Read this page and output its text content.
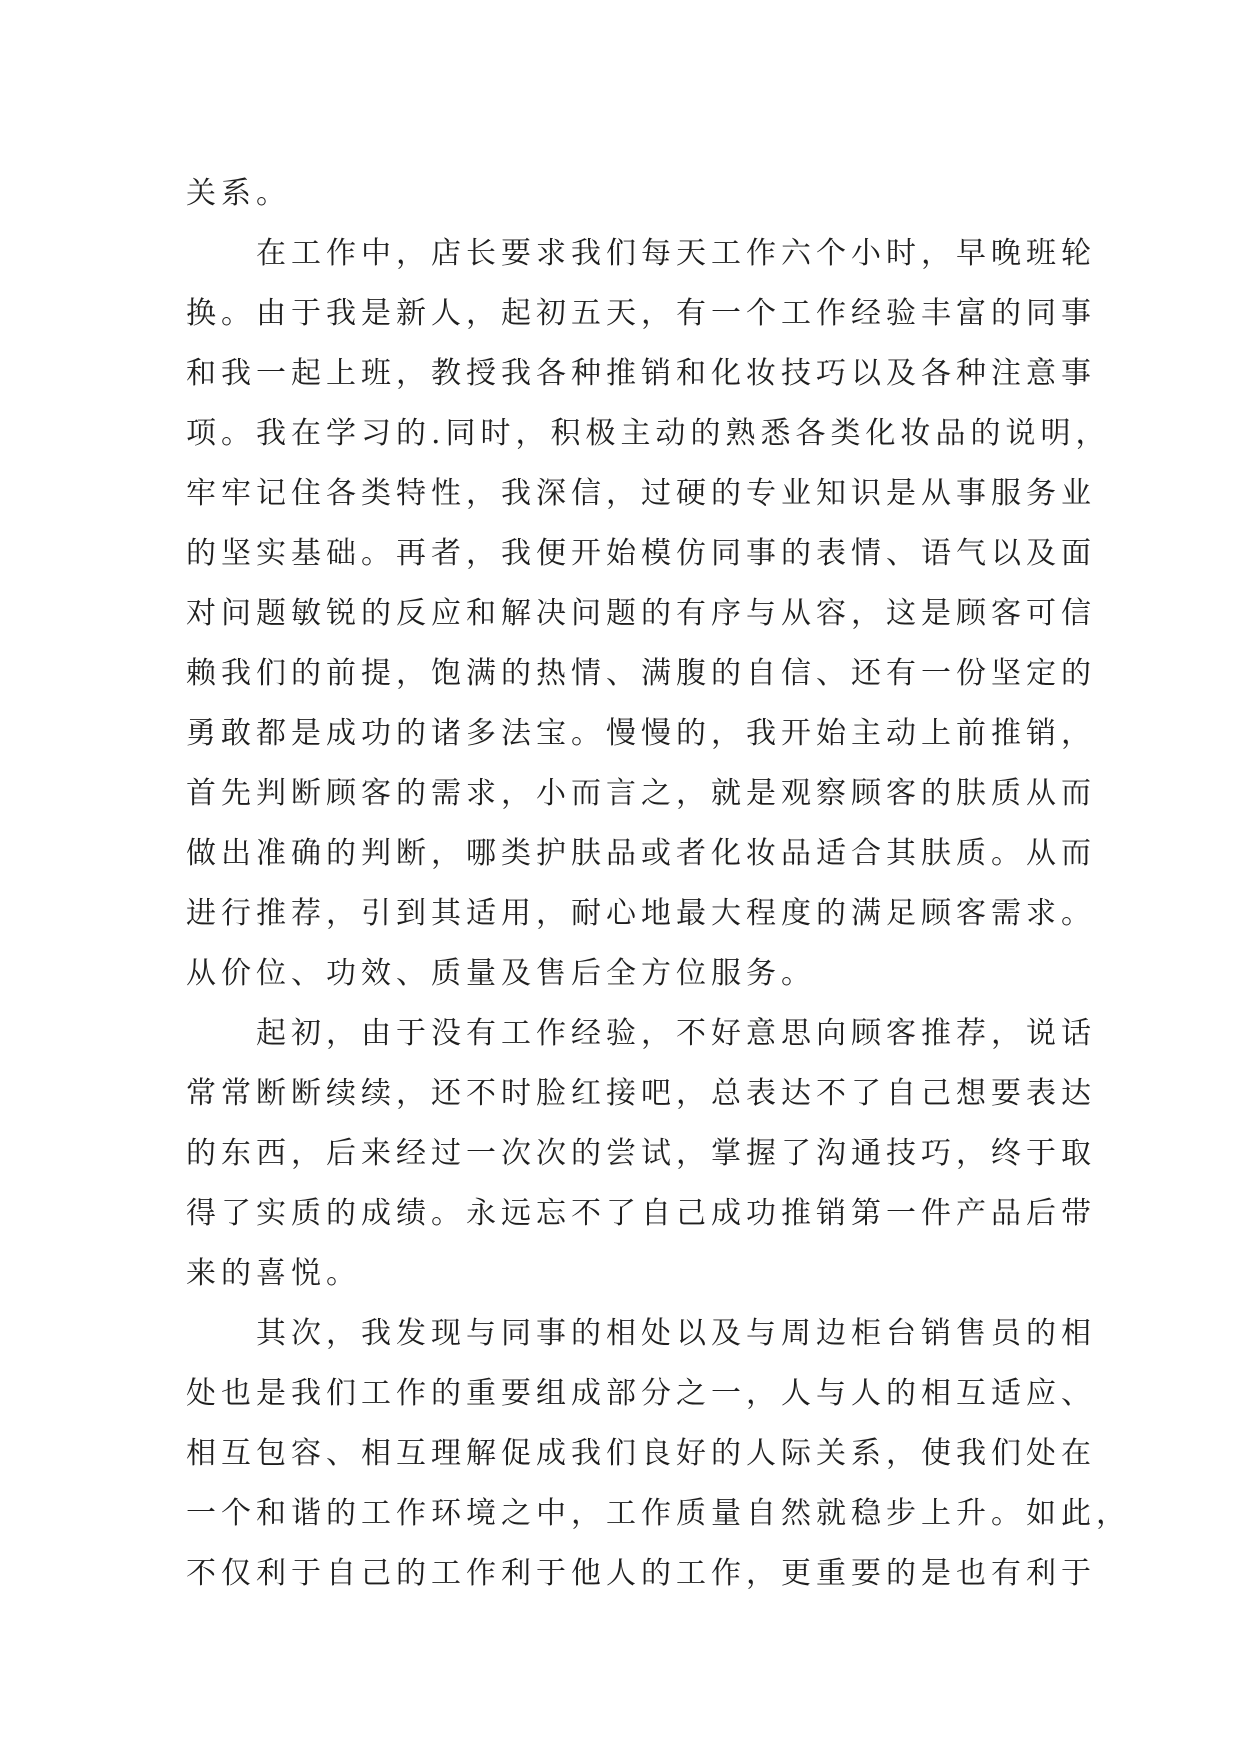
关系。
在工作中，店长要求我们每天工作六个小时，早晚班轮
换。由于我是新人，起初五天，有一个工作经验丰富的同事
和我一起上班，教授我各种推销和化妆技巧以及各种注意事
项。我在学习的.同时，积极主动的熟悉各类化妆品的说明，
牢牢记住各类特性，我深信，过硬的专业知识是从事服务业
的坚实基础。再者，我便开始模仿同事的表情、语气以及面
对问题敏锐的反应和解决问题的有序与从容，这是顾客可信
赖我们的前提，饱满的热情、满腹的自信、还有一份坚定的
勇敢都是成功的诸多法宝。慢慢的，我开始主动上前推销，
首先判断顾客的需求，小而言之，就是观察顾客的肤质从而
做出准确的判断，哪类护肤品或者化妆品适合其肤质。从而
进行推荐，引到其适用，耐心地最大程度的满足顾客需求。
从价位、功效、质量及售后全方位服务。
起初，由于没有工作经验，不好意思向顾客推荐，说话
常常断断续续，还不时脸红接吧，总表达不了自己想要表达
的东西，后来经过一次次的尝试，掌握了沟通技巧，终于取
得了实质的成绩。永远忘不了自己成功推销第一件产品后带
来的喜悦。
其次，我发现与同事的相处以及与周边柜台销售员的相
处也是我们工作的重要组成部分之一，人与人的相互适应、
相互包容、相互理解促成我们良好的人际关系，使我们处在
一个和谐的工作环境之中，工作质量自然就稳步上升。如此，
不仅利于自己的工作利于他人的工作，更重要的是也有利于
